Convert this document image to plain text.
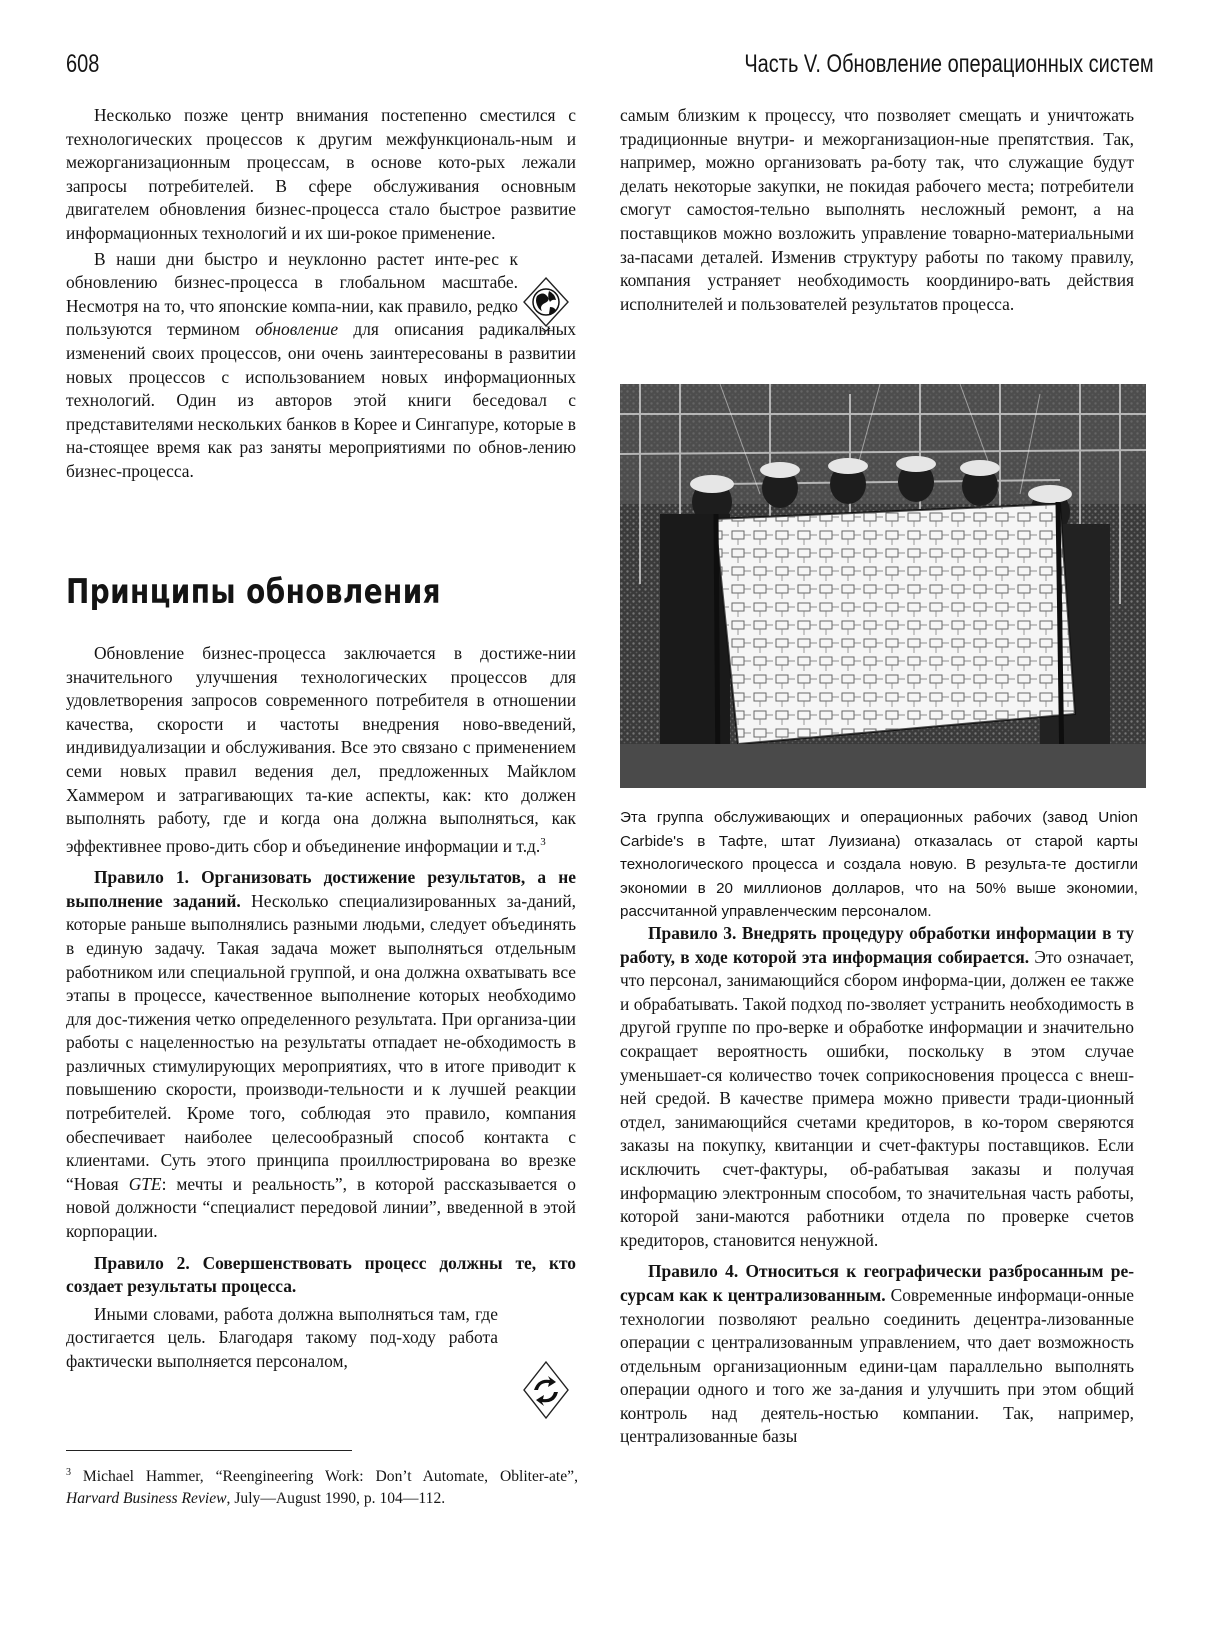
608	Часть V. Обновление операционных систем

Несколько позже центр внимания постепенно сместился с технологических процессов к другим межфункциональ-ным и межорганизационным процессам, в основе кото-рых лежали запросы потребителей. В сфере обслуживания основным двигателем обновления бизнес-процесса стало быстрое развитие информационных технологий и их ши-рокое применение.

В наши дни быстро и неуклонно растет инте-рес к обновлению бизнес-процесса в глобальном масштабе. Несмотря на то, что японские компа-нии, как правило, редко пользуются термином обновление для описания радикальных изменений своих процессов, они очень заинтересованы в развитии новых процессов с использованием новых информационных технологий. Один из авторов этой книги беседовал с представителями нескольких банков в Корее и Сингапуре, которые в на-стоящее время как раз заняты мероприятиями по обнов-лению бизнес-процесса.

Принципы обновления

Обновление бизнес-процесса заключается в достиже-нии значительного улучшения технологических процессов для удовлетворения запросов современного потребителя в отношении качества, скорости и частоты внедрения ново-введений, индивидуализации и обслуживания. Все это связано с применением семи новых правил ведения дел, предложенных Майклом Хаммером и затрагивающих та-кие аспекты, как: кто должен выполнять работу, где и когда она должна выполняться, как эффективнее прово-дить сбор и объединение информации и т.д.$^3$

Правило 1. Организовать достижение результатов, а не выполнение заданий. Несколько специализированных за-даний, которые раньше выполнялись разными людьми, следует объединять в единую задачу. Такая задача может выполняться отдельным работником или специальной группой, и она должна охватывать все этапы в процессе, качественное выполнение которых необходимо для дос-тижения четко определенного результата. При организа-ции работы с нацеленностью на результаты отпадает не-обходимость в различных стимулирующих мероприятиях, что в итоге приводит к повышению скорости, производи-тельности и к лучшей реакции потребителей. Кроме того, соблюдая это правило, компания обеспечивает наиболее целесообразный способ контакта с клиентами. Суть этого принципа проиллюстрирована во врезке “Новая GTE: мечты и реальность”, в которой рассказывается о новой должности “специалист передовой линии”, введенной в этой корпорации.

Правило 2. Совершенствовать процесс должны те, кто создает результаты процесса.

Иными словами, работа должна выполняться там, где достигается цель. Благодаря такому под-ходу работа фактически выполняется персоналом,

$^3$ Michael Hammer, “Reengineering Work: Don’t Automate, Obliter-ate”, Harvard Business Review, July—August 1990, p. 104—112.

самым близким к процессу, что позволяет смещать и уничтожать традиционные внутри- и межорганизацион-ные препятствия. Так, например, можно организовать ра-боту так, что служащие будут делать некоторые закупки, не покидая рабочего места; потребители смогут самостоя-тельно выполнять несложный ремонт, а на поставщиков можно возложить управление товарно-материальными за-пасами деталей. Изменив структуру работы по такому правилу, компания устраняет необходимость координиро-вать действия исполнителей и пользователей результатов процесса.

Эта группа обслуживающих и операционных рабочих (завод Union Carbide's в Тафте, штат Луизиана) отказалась от старой карты технологического процесса и создала новую. В результа-те достигли экономии в 20 миллионов долларов, что на 50% выше экономии, рассчитанной управленческим персоналом.

Правило 3. Внедрять процедуру обработки информации в ту работу, в ходе которой эта информация собирается. Это означает, что персонал, занимающийся сбором информа-ции, должен ее также и обрабатывать. Такой подход по-зволяет устранить необходимость в другой группе по про-верке и обработке информации и значительно сокращает вероятность ошибки, поскольку в этом случае уменьшает-ся количество точек соприкосновения процесса с внеш-ней средой. В качестве примера можно привести тради-ционный отдел, занимающийся счетами кредиторов, в ко-тором сверяются заказы на покупку, квитанции и счет-фактуры поставщиков. Если исключить счет-фактуры, об-рабатывая заказы и получая информацию электронным способом, то значительная часть работы, которой зани-маются работники отдела по проверке счетов кредиторов, становится ненужной.

Правило 4. Относиться к географически разбросанным ре-сурсам как к централизованным. Современные информаци-онные технологии позволяют реально соединить децентра-лизованные операции с централизованным управлением, что дает возможность отдельным организационным едини-цам параллельно выполнять операции одного и того же за-дания и улучшить при этом общий контроль над деятель-ностью компании. Так, например, централизованные базы
